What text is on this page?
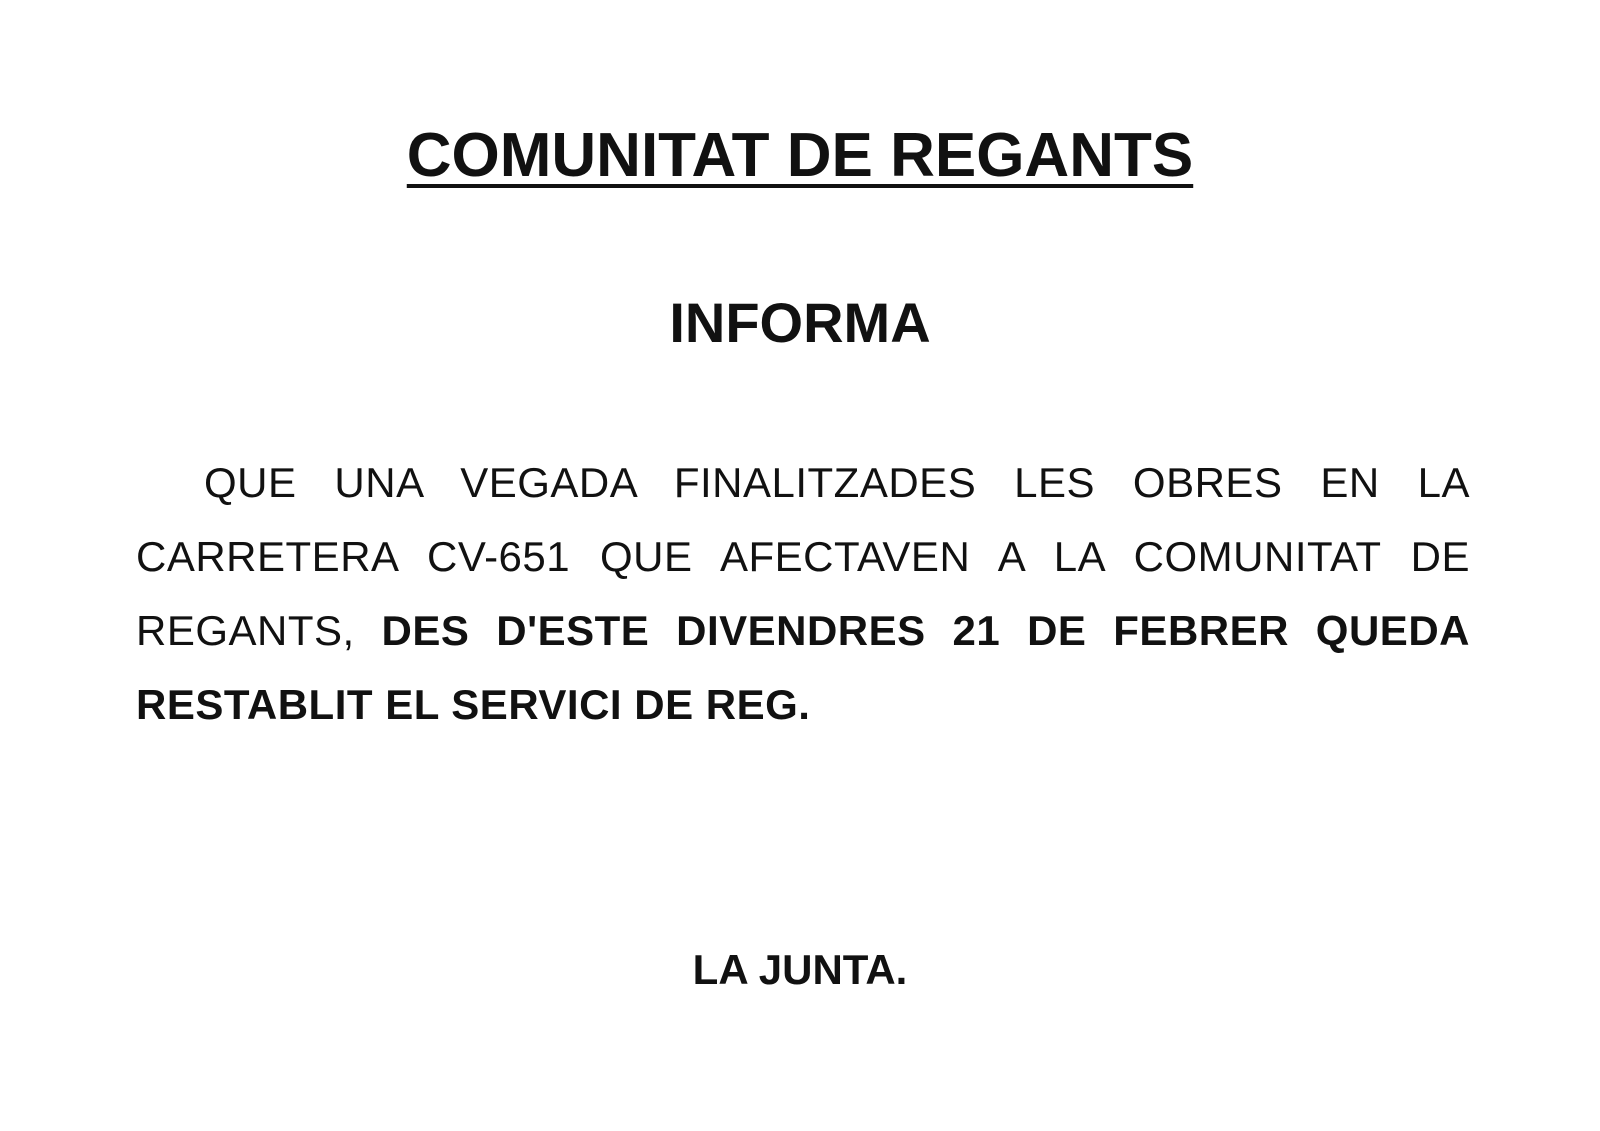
COMUNITAT DE REGANTS
INFORMA

QUE UNA VEGADA FINALITZADES LES OBRES EN LA CARRETERA CV-651 QUE AFECTAVEN A LA COMUNITAT DE REGANTS, DES D'ESTE DIVENDRES 21 DE FEBRER QUEDA RESTABLIT EL SERVICI DE REG.

LA JUNTA.
